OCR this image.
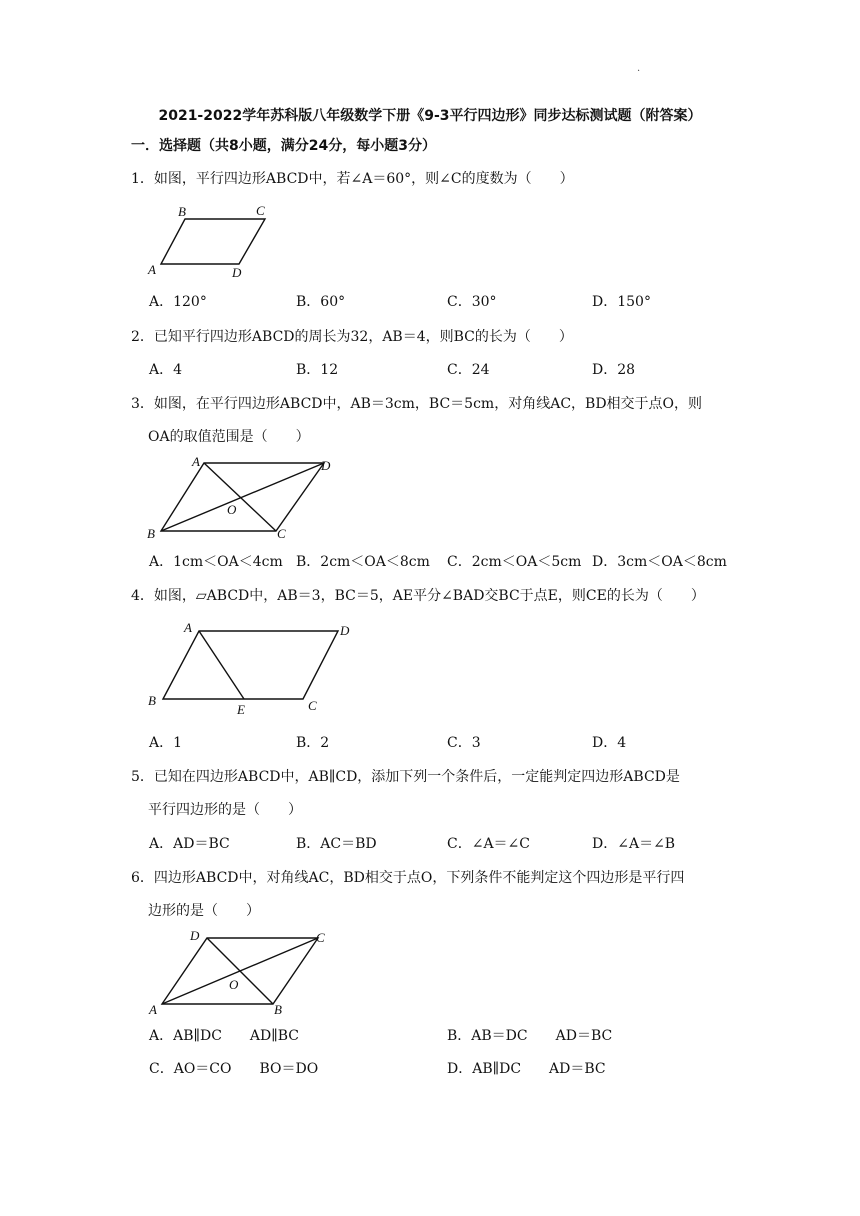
·
2021-2022学年苏科版八年级数学下册《9-3平行四边形》同步达标测试题（附答案）
一．选择题（共8小题，满分24分，每小题3分）
1．如图，平行四边形ABCD中，若∠A＝60°，则∠C的度数为（　　）
A
B	C
D
A．120°	B．60°	C．30°	D．150°
2．已知平行四边形ABCD的周长为32，AB＝4，则BC的长为（　　）
A．4	B．12	C．24	D．28
3．如图，在平行四边形ABCD中，AB＝3cm，BC＝5cm，对角线AC，BD相交于点O，则
OA的取值范围是（　　）
A	D
B	C
O
A．1cm＜OA＜4cm B．2cm＜OA＜8cm C．2cm＜OA＜5cm D．3cm＜OA＜8cm
4．如图，▱ABCD中，AB＝3，BC＝5，AE平分∠BAD交BC于点E，则CE的长为（　　）
A	D
B
E	C
A．1	B．2	C．3	D．4
5．已知在四边形ABCD中，AB∥CD，添加下列一个条件后，一定能判定四边形ABCD是
平行四边形的是（　　）
A．AD＝BC	B．AC＝BD	C．∠A＝∠C	D．∠A＝∠B
6．四边形ABCD中，对角线AC，BD相交于点O，下列条件不能判定这个四边形是平行四
边形的是（　　）
D	C
A	B
O
A．AB∥DC　　AD∥BC	B．AB＝DC　　AD＝BC
C．AO＝CO　　BO＝DO	D．AB∥DC　　AD＝BC
